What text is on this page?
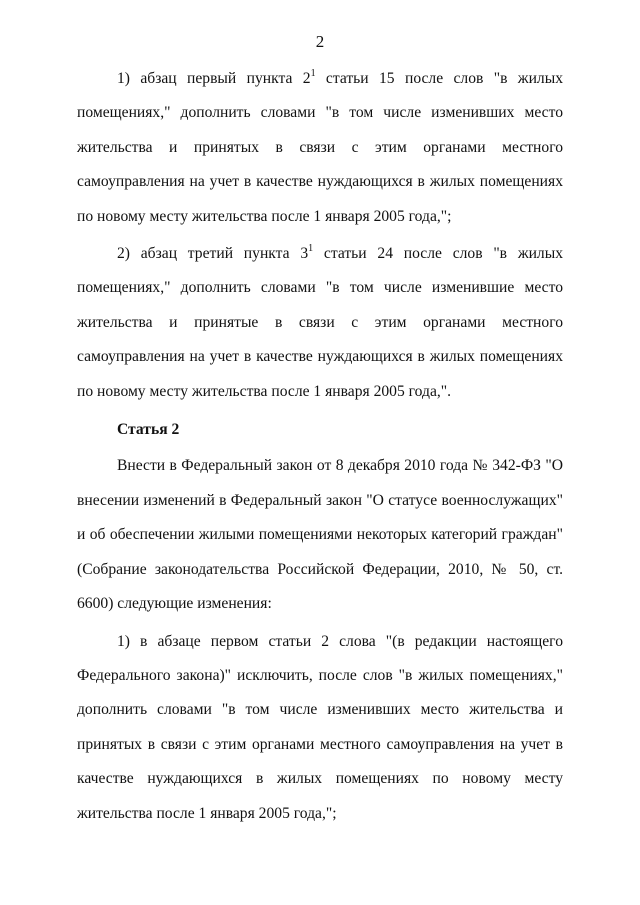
2

1) абзац первый пункта $2^1$ статьи 15 после слов "в жилых помещениях," дополнить словами "в том числе изменивших место жительства и принятых в связи с этим органами местного самоуправления на учет в качестве нуждающихся в жилых помещениях по новому месту жительства после 1 января 2005 года,";

2) абзац третий пункта $3^1$ статьи 24 после слов "в жилых помещениях," дополнить словами "в том числе изменившие место жительства и принятые в связи с этим органами местного самоуправления на учет в качестве нуждающихся в жилых помещениях по новому месту жительства после 1 января 2005 года,".

Статья 2

Внести в Федеральный закон от 8 декабря 2010 года № 342-ФЗ "О внесении изменений в Федеральный закон "О статусе военнослужащих" и об обеспечении жилыми помещениями некоторых категорий граждан" (Собрание законодательства Российской Федерации, 2010, № 50, ст. 6600) следующие изменения:

1) в абзаце первом статьи 2 слова "(в редакции настоящего Федерального закона)" исключить, после слов "в жилых помещениях," дополнить словами "в том числе изменивших место жительства и принятых в связи с этим органами местного самоуправления на учет в качестве нуждающихся в жилых помещениях по новому месту жительства после 1 января 2005 года,";
